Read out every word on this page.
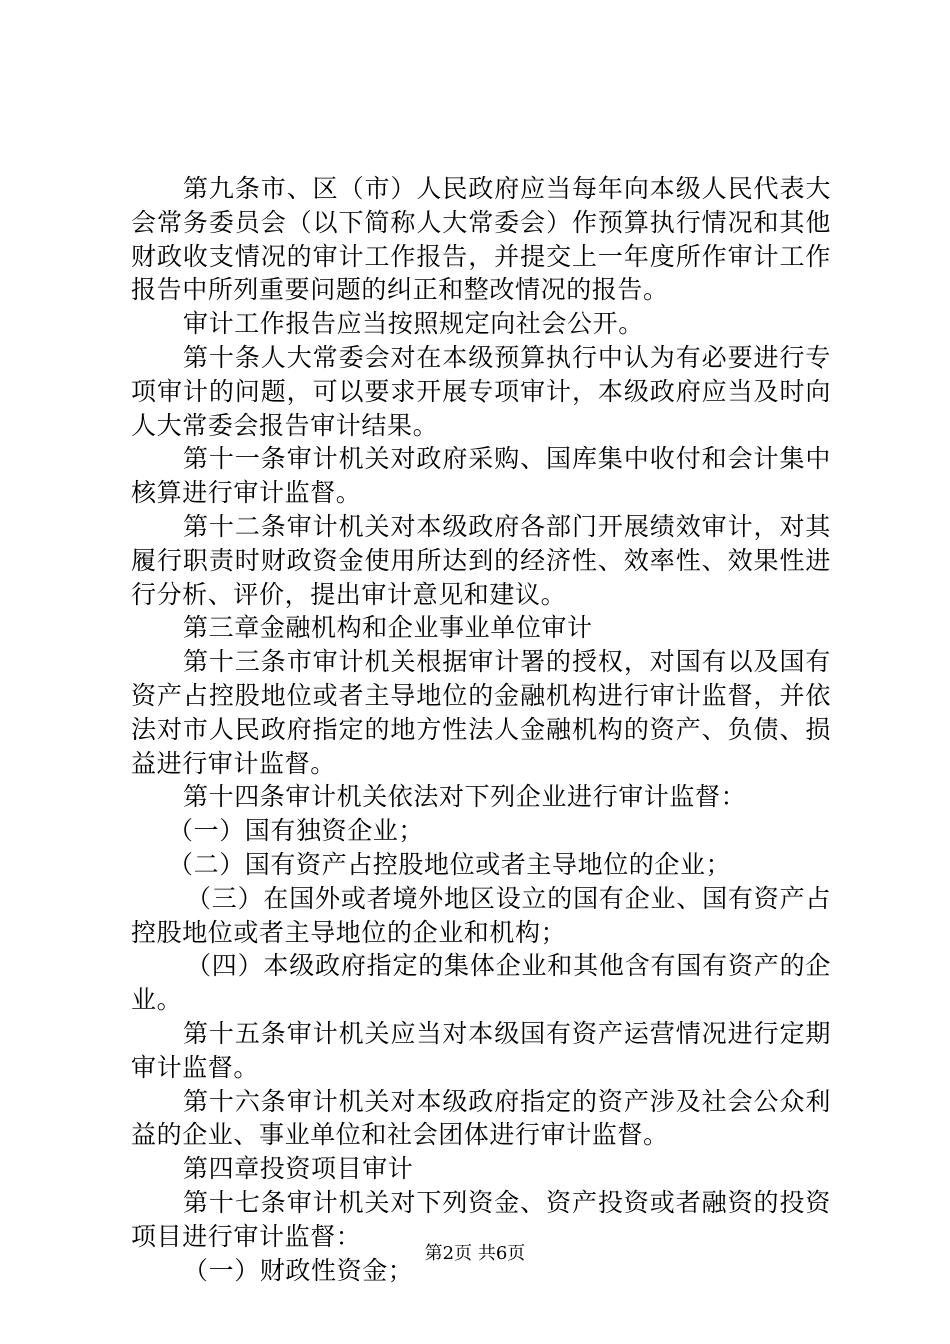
第九条市、区（市）人民政府应当每年向本级人民代表大会常务委员会（以下简称人大常委会）作预算执行情况和其他财政收支情况的审计工作报告，并提交上一年度所作审计工作报告中所列重要问题的纠正和整改情况的报告。

审计工作报告应当按照规定向社会公开。

第十条人大常委会对在本级预算执行中认为有必要进行专项审计的问题，可以要求开展专项审计，本级政府应当及时向人大常委会报告审计结果。

第十一条审计机关对政府采购、国库集中收付和会计集中核算进行审计监督。

第十二条审计机关对本级政府各部门开展绩效审计，对其履行职责时财政资金使用所达到的经济性、效率性、效果性进行分析、评价，提出审计意见和建议。

第三章金融机构和企业事业单位审计

第十三条市审计机关根据审计署的授权，对国有以及国有资产占控股地位或者主导地位的金融机构进行审计监督，并依法对市人民政府指定的地方性法人金融机构的资产、负债、损益进行审计监督。

第十四条审计机关依法对下列企业进行审计监督：

（一）国有独资企业；

（二）国有资产占控股地位或者主导地位的企业；

（三）在国外或者境外地区设立的国有企业、国有资产占控股地位或者主导地位的企业和机构；

（四）本级政府指定的集体企业和其他含有国有资产的企业。

第十五条审计机关应当对本级国有资产运营情况进行定期审计监督。

第十六条审计机关对本级政府指定的资产涉及社会公众利益的企业、事业单位和社会团体进行审计监督。

第四章投资项目审计

第十七条审计机关对下列资金、资产投资或者融资的投资项目进行审计监督：

（一）财政性资金；

第2页 共6页
